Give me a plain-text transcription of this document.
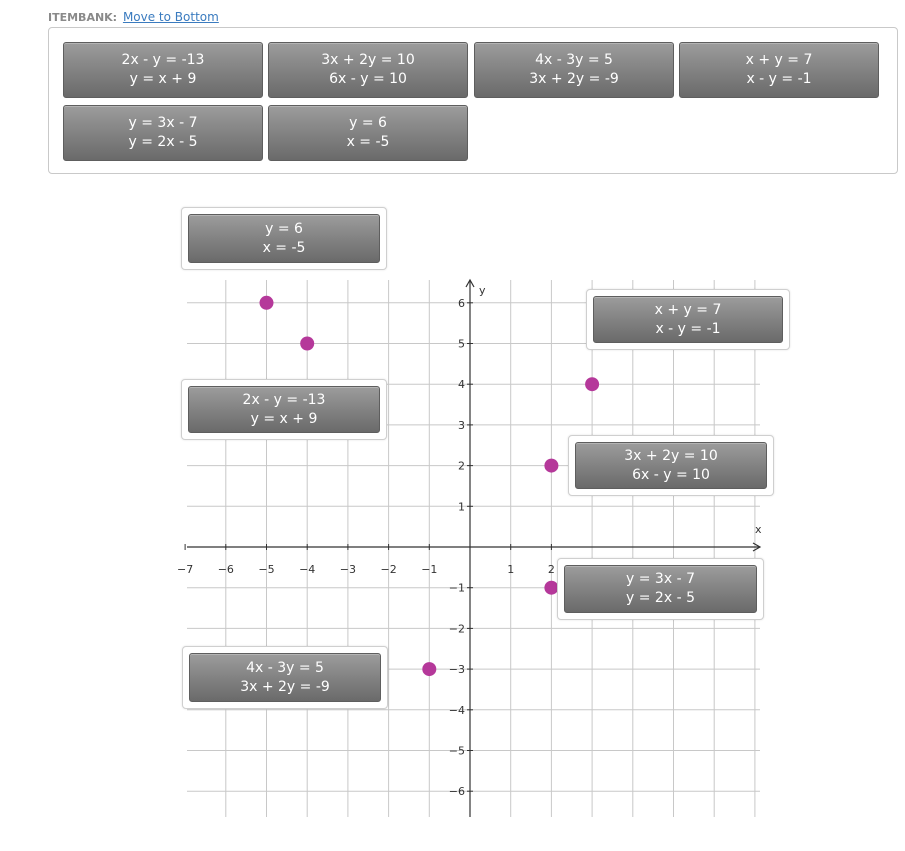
y
x
−7 −6 −5 −4 −3 −2 −1	1	2
−6
−5
−4
−3
−2
−1
1
2
3
4
5
6
ITEMBANK: Move to Bottom
2x - y = -13
y = x + 9
3x + 2y = 10
6x - y = 10
4x - 3y = 5
3x + 2y = -9
x + y = 7
x - y = -1
y = 3x - 7
y = 2x - 5
y = 6
x = -5
y = 6
x = -5
x + y = 7
x - y = -1
2x - y = -13
y = x + 9
3x + 2y = 10
6x - y = 10
y = 3x - 7
y = 2x - 5
4x - 3y = 5
3x + 2y = -9
